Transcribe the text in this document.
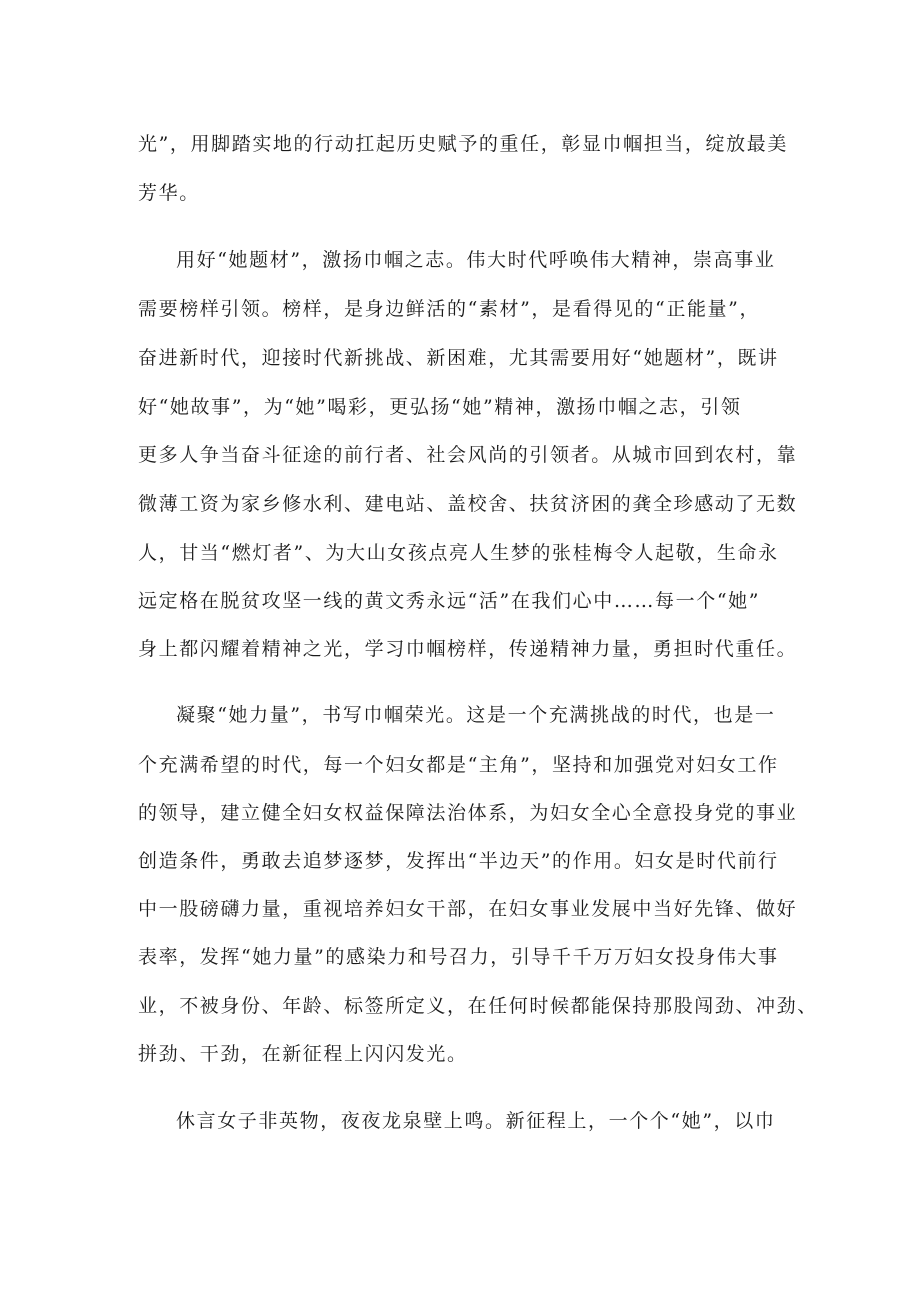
光”，用脚踏实地的行动扛起历史赋予的重任，彰显巾帼担当，绽放最美
芳华。
用好“她题材”，激扬巾帼之志。伟大时代呼唤伟大精神，崇高事业
需要榜样引领。榜样，是身边鲜活的“素材”，是看得见的“正能量”，
奋进新时代，迎接时代新挑战、新困难，尤其需要用好“她题材”，既讲
好“她故事”，为“她”喝彩，更弘扬“她”精神，激扬巾帼之志，引领
更多人争当奋斗征途的前行者、社会风尚的引领者。从城市回到农村，靠
微薄工资为家乡修水利、建电站、盖校舍、扶贫济困的龚全珍感动了无数
人，甘当“燃灯者”、为大山女孩点亮人生梦的张桂梅令人起敬，生命永
远定格在脱贫攻坚一线的黄文秀永远“活”在我们心中……每一个“她”
身上都闪耀着精神之光，学习巾帼榜样，传递精神力量，勇担时代重任。
凝聚“她力量”，书写巾帼荣光。这是一个充满挑战的时代，也是一
个充满希望的时代，每一个妇女都是“主角”，坚持和加强党对妇女工作
的领导，建立健全妇女权益保障法治体系，为妇女全心全意投身党的事业
创造条件，勇敢去追梦逐梦，发挥出“半边天”的作用。妇女是时代前行
中一股磅礴力量，重视培养妇女干部，在妇女事业发展中当好先锋、做好
表率，发挥“她力量”的感染力和号召力，引导千千万万妇女投身伟大事
业，不被身份、年龄、标签所定义，在任何时候都能保持那股闯劲、冲劲、
拼劲、干劲，在新征程上闪闪发光。
休言女子非英物，夜夜龙泉壁上鸣。新征程上，一个个“她”，以巾
